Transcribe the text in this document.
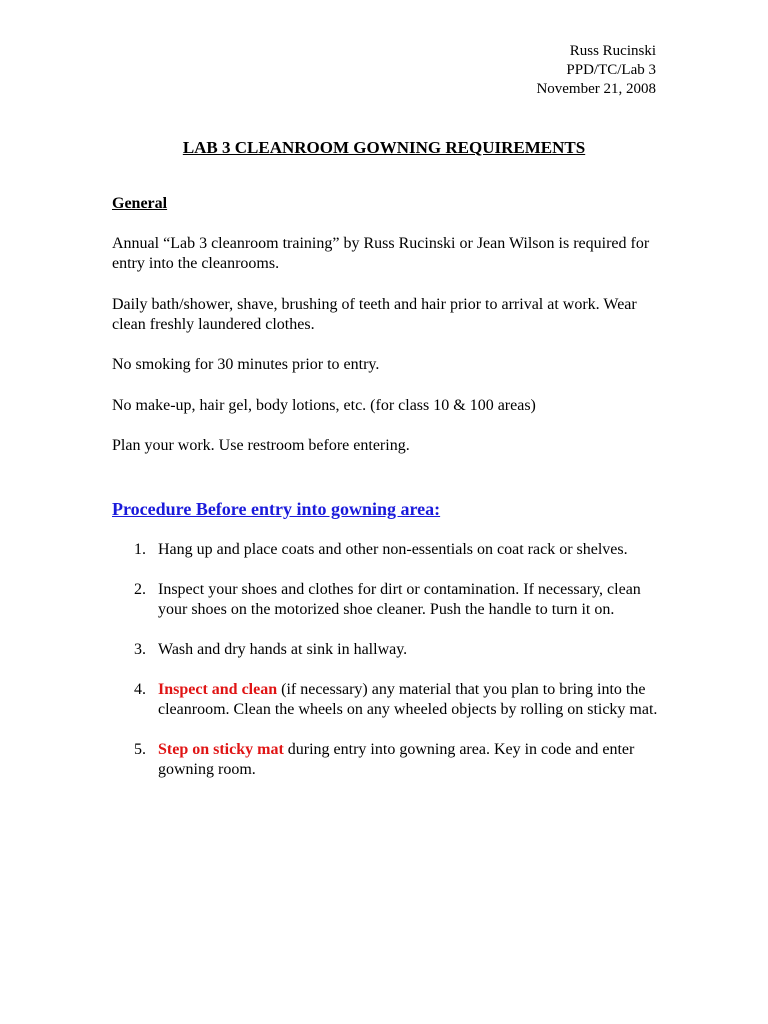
Russ Rucinski
PPD/TC/Lab 3
November 21, 2008
LAB 3 CLEANROOM GOWNING REQUIREMENTS
General
Annual “Lab 3 cleanroom training” by Russ Rucinski or Jean Wilson is required for entry into the cleanrooms.
Daily bath/shower, shave, brushing of teeth and hair prior to arrival at work. Wear clean freshly laundered clothes.
No smoking for 30 minutes prior to entry.
No make-up, hair gel, body lotions, etc. (for class 10 & 100 areas)
Plan your work. Use restroom before entering.
Procedure Before entry into gowning area:
1. Hang up and place coats and other non-essentials on coat rack or shelves.
2. Inspect your shoes and clothes for dirt or contamination. If necessary, clean your shoes on the motorized shoe cleaner. Push the handle to turn it on.
3. Wash and dry hands at sink in hallway.
4. Inspect and clean (if necessary) any material that you plan to bring into the cleanroom. Clean the wheels on any wheeled objects by rolling on sticky mat.
5. Step on sticky mat during entry into gowning area. Key in code and enter gowning room.
